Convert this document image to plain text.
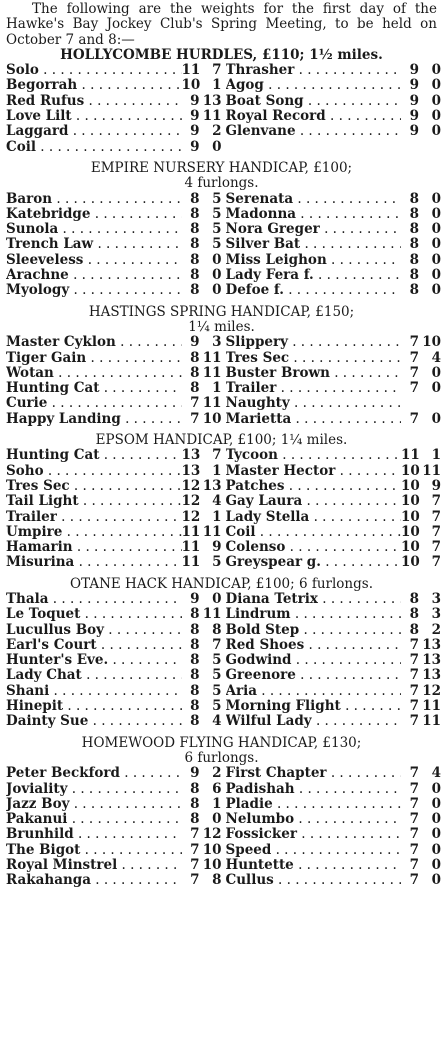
The following are the weights for the first day of the Hawke's Bay Jockey Club's Spring Meeting, to be held on October 7 and 8:—

HOLLYCOMBE HURDLES, £110; 1½ miles.
Solo . . .	11 7 Thrasher . . .	9 0
Begorrah . . .	10 1 Agog . . .	9 0
Red Rufus . . .	9 13 Boat Song . . .	9 0
Love Lilt . . .	9 11 Royal Record . . .	9 0
Laggard . . .	9 2 Glenvane . . .	9 0
Coil . . .	9 0
EMPIRE NURSERY HANDICAP, £100;
4 furlongs.
Baron . . .	8 5 Serenata . . .	8 0
Katebridge . . .	8 5 Madonna . . .	8 0
Sunola . . .	8 5 Nora Greger . . .	8 0
Trench Law . . .	8 5 Silver Bat . . .	8 0
Sleeveless . . .	8 0 Miss Leighon . . .	8 0
Arachne . . .	8 0 Lady Fera f. . . .	8 0
Myology . . .	8 0 Defoe f. . . .	8 0
HASTINGS SPRING HANDICAP, £150;
1¼ miles.
Master Cyklon . . .	9 3 Slippery . . .	7 10
Tiger Gain . . .	8 11 Tres Sec . . .	7 4
Wotan . . .	8 11 Buster Brown . . .	7 0
Hunting Cat . . .	8 1 Trailer . . .	7 0
Curie . . .	7 11 Naughty . . .
Happy Landing . . .	7 10 Marietta . . .	7 0
EPSOM HANDICAP, £100; 1¼ miles.
Hunting Cat . . .	13 7 Tycoon . . .	11 1
Soho . . .	13 1 Master Hector . . .	10 11
Tres Sec . . .	12 13 Patches . . .	10 9
Tail Light . . .	12 4 Gay Laura . . .	10 7
Trailer . . .	12 1 Lady Stella . . .	10 7
Umpire . . .	11 11 Coil . . .	10 7
Hamarin . . .	11 9 Colenso . . .	10 7
Misurina . . .	11 5 Greyspear g. . . .	10 7
OTANE HACK HANDICAP, £100; 6 furlongs.
Thala . . .	9 0 Diana Tetrix . . .	8 3
Le Toquet . . .	8 11 Lindrum . . .	8 3
Lucullus Boy . . .	8 8 Bold Step . . .	8 2
Earl's Court . . .	8 7 Red Shoes . . .	7 13
Hunter's Eve. . . .	8 5 Godwind . . .	7 13
Lady Chat . . .	8 5 Greenore . . .	7 13
Shani . . .	8 5 Aria . . .	7 12
Hinepit . . .	8 5 Morning Flight . . .	7 11
Dainty Sue . . .	8 4 Wilful Lady . . .	7 11
HOMEWOOD FLYING HANDICAP, £130;
6 furlongs.
Peter Beckford . . .	9 2 First Chapter . . .	7 4
Joviality . . .	8 6 Padishah . . .	7 0
Jazz Boy . . .	8 1 Pladie . . .	7 0
Pakanui . . .	8 0 Nelumbo . . .	7 0
Brunhild . . .	7 12 Fossicker . . .	7 0
The Bigot . . .	7 10 Speed . . .	7 0
Royal Minstrel . . .	7 10 Huntette . . .	7 0
Rakahanga . . .	7 8 Cullus . . .	7 0
